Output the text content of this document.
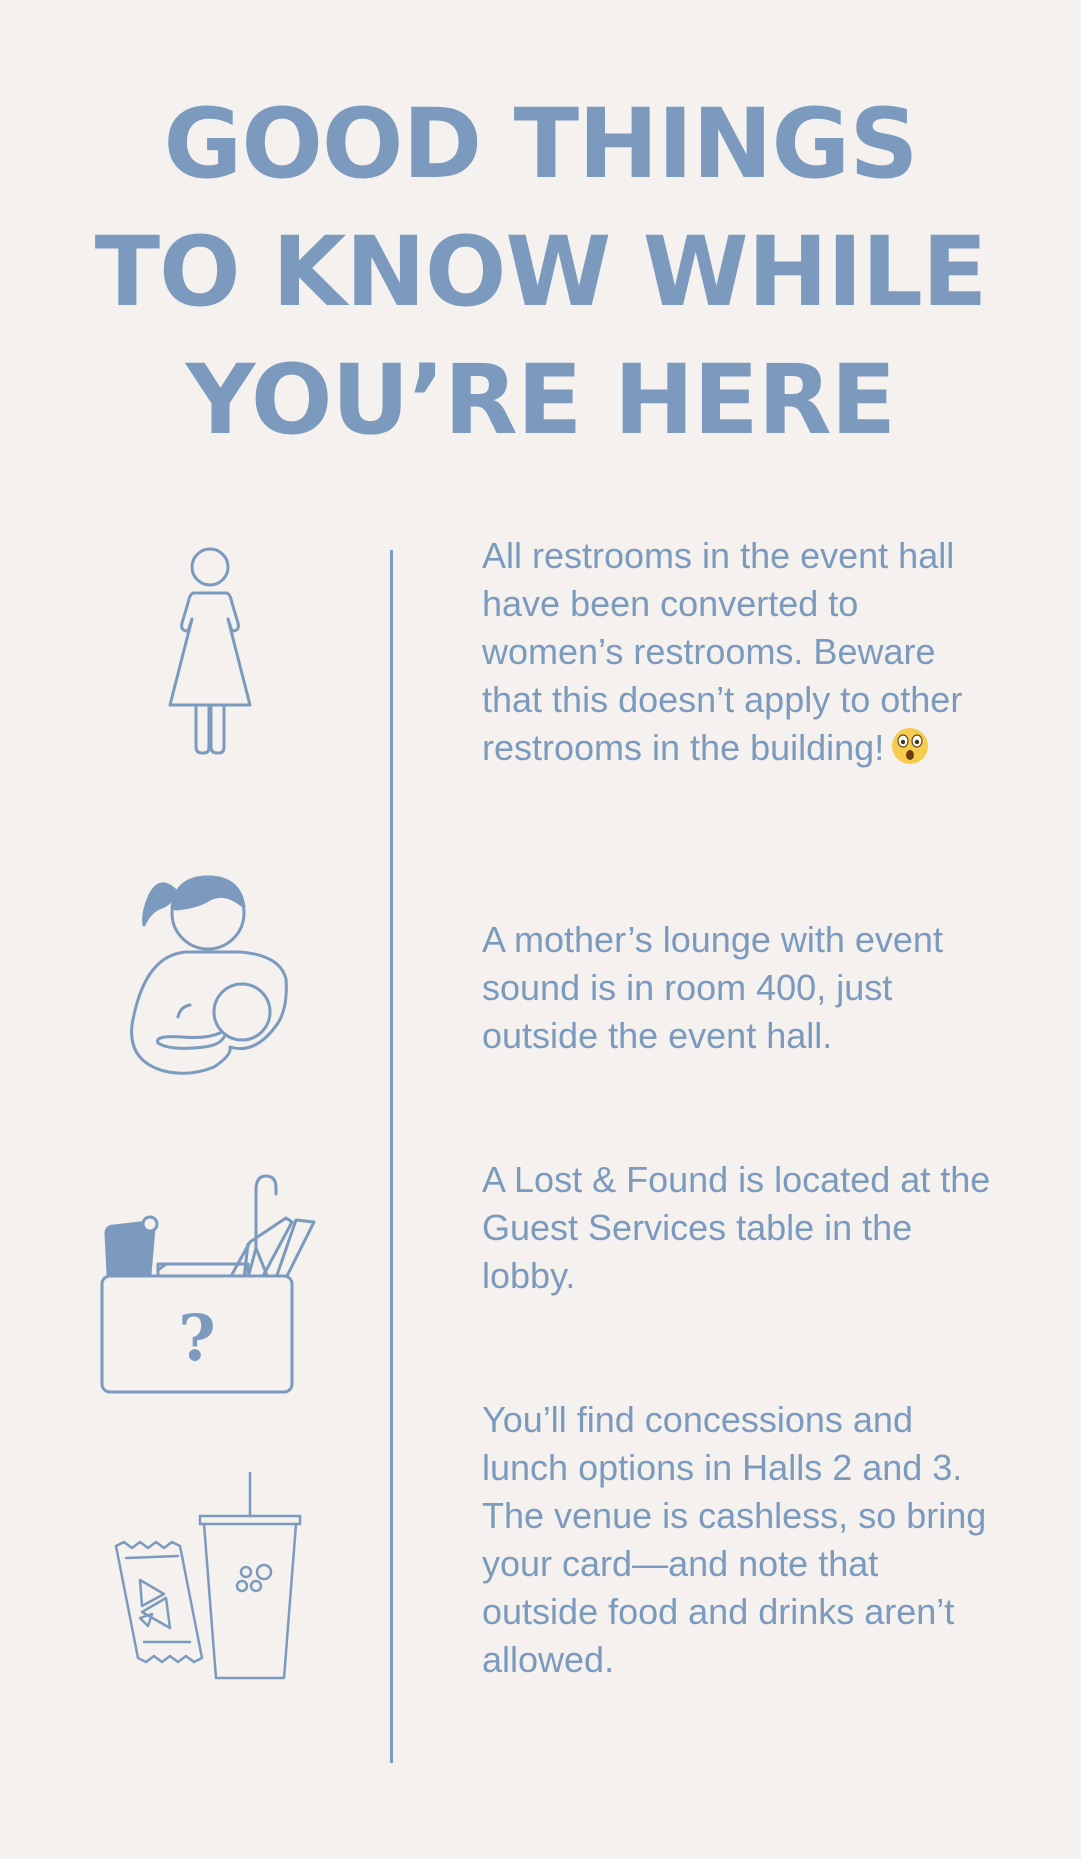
GOOD THINGS
TO KNOW WHILE
YOU’RE HERE

All restrooms in the event hall have been converted to women’s restrooms. Beware that this doesn’t apply to other restrooms in the building!

A mother’s lounge with event sound is in room 400, just outside the event hall.

?

A Lost & Found is located at the Guest Services table in the lobby.

You’ll find concessions and lunch options in Halls 2 and 3. The venue is cashless, so bring your card—and note that outside food and drinks aren’t allowed.
